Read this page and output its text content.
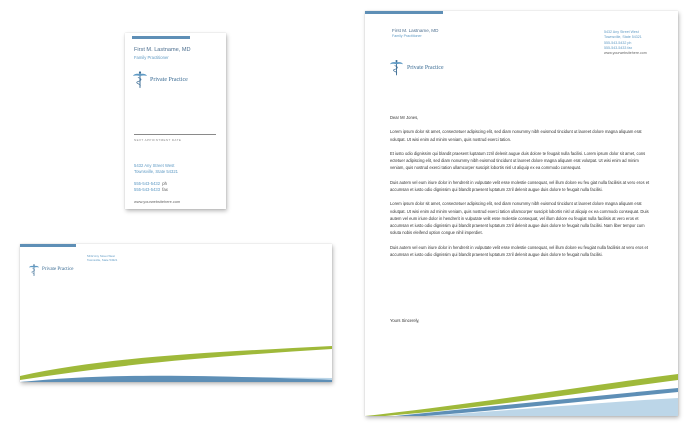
First M. Lastname, MD
Family Practitioner
Private Practice
NEXT APPOINTMENT DATE
5432 Any Street West
Townsville, State 54321
555-543-5432 ph
555-543-5433 fax
www.yourwebsitehere.com
Private Practice
5432 Any Street West
Townsville, State 54321
First M. Lastname, MD
Family Practitioner
5432 Any Street West
Townsville, State 54321
555-543-5432 ph
555-543-5433 fax
www.yourwebsitehere.com
Private Practice

Dear Mr Jones,

Lorem ipsum dolor sit amet, consectetuer adipiscing elit, sed diam nonummy nibh euismod tincidunt ut laoreet dolore magna aliquam erat volutpat. Ut wisi enim ad minim veniam, quis nostrud exerci tation.

Et iusto odio dignissim qui blandit praesent luptatum zzril delenit augue duis dolore te feugait nulla facilisi. Lorem ipsum dolor sit amet, cons ectetuer adipiscing elit, sed diam nonummy nibh euismod tincidunt ut laoreet dolore magna aliquam erat volutpat. Ut wisi enim ad minim veniam, quis nostrud exerci tation ullamcorper suscipit lobortis nisl ut aliquip ex ea commodo consequat.

Duis autem vel eum iriure dolor in hendrerit in vulputate velit esse molestie consequat, vel illum dolore eu feu giat nulla facilisis at vero eros et accumsan et iusto odio dignissim qui blandit praesent luptatum zzril delenit augue duis dolore te feugait nulla facilisi.

Lorem ipsum dolor sit amet, consectetuer adipiscing elit, sed diam nonummy nibh euismod tincidunt ut laoreet dolore magna aliquam erat volutpat. Ut wisi enim ad minim veniam, quis nostrud exerci tation ullamcorper suscipit lobortis nisl ut aliquip ex ea commodo consequat. Duis autem vel eum iriure dolor in hendrerit in vulputate velit esse molestie consequat, vel illum dolore eu feugiat nulla facilisis at vero eros et accumsan et iusto odio dignissim qui blandit praesent luptatum zzril delenit augue duis dolore te feugait nulla facilisi. Nam liber tempor cum soluta nobis eleifend option congue nihil imperdiet.

Duis autem vel eum iriure dolor in hendrerit in vulputate velit esse molestie consequat, vel illum dolore eu feugiat nulla facilisis at vero eros et accumsan et iusto odio dignissim qui blandit praesent luptatum zzril delenit augue duis dolore te feugait nulla facilisi.

Yours Sincerely,
